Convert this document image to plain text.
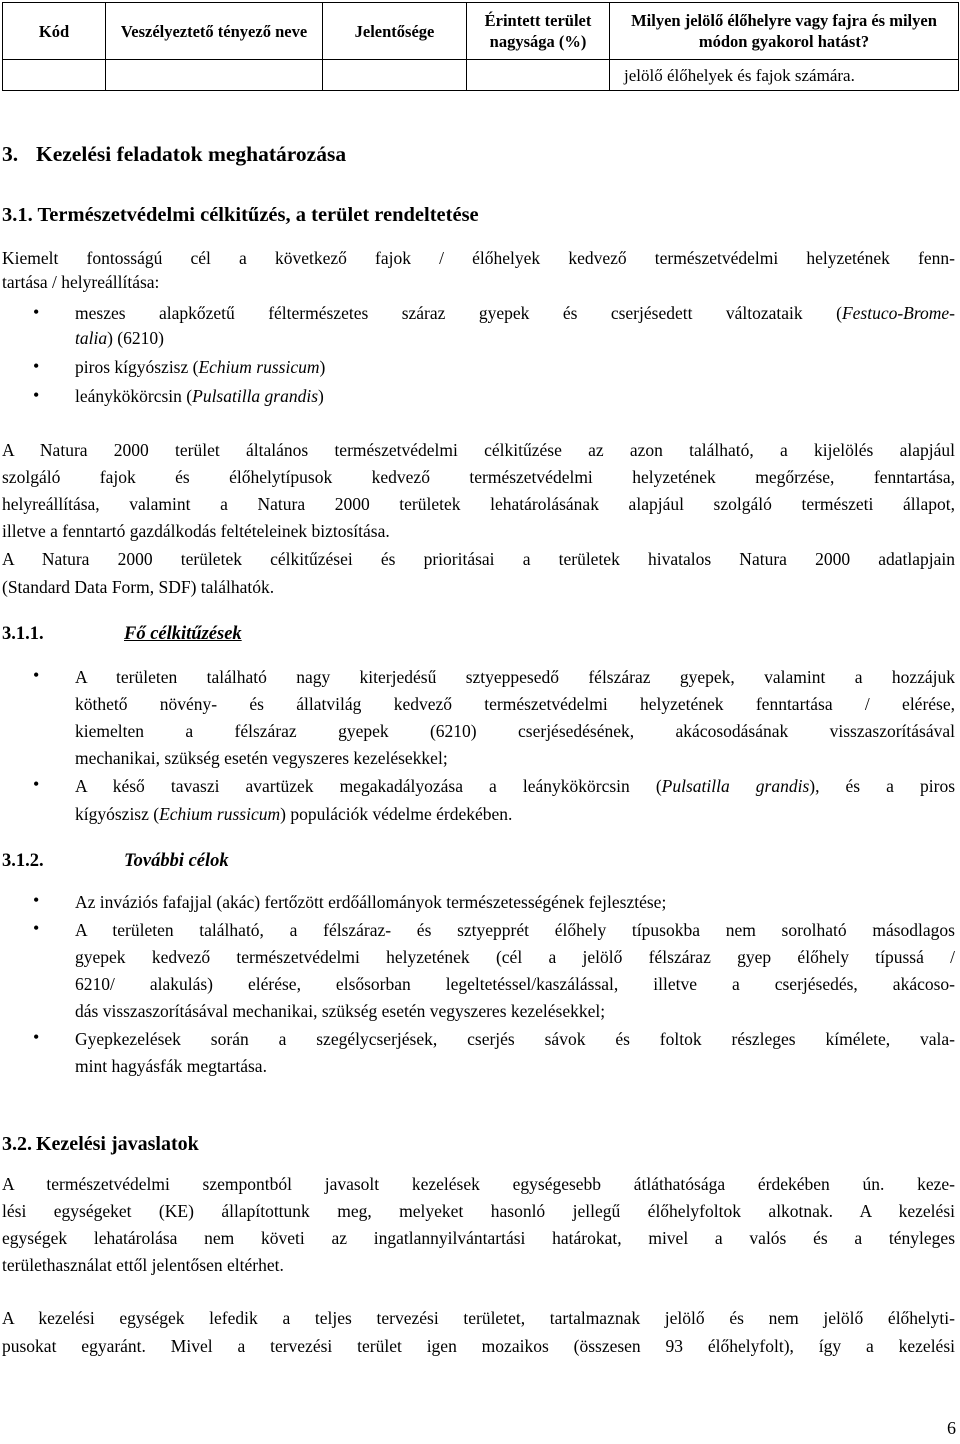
Kód	Veszélyeztető tényező neve	Jelentősége	Érintett terület nagysága (%)	Milyen jelölő élőhelyre vagy fajra és milyen módon gyakorol hatást?
				jelölő élőhelyek és fajok számára.
3. Kezelési feladatok meghatározása
3.1. Természetvédelmi célkitűzés, a terület rendeltetése
Kiemelt fontosságú cél a következő fajok / élőhelyek kedvező természetvédelmi helyzetének fenn-
tartása / helyreállítása:
• meszes alapkőzetű féltermészetes száraz gyepek és cserjésedett változataik (Festuco-Brome-
talia) (6210)
• piros kígyószisz (Echium russicum)
• leánykökörcsin (Pulsatilla grandis)
A Natura 2000 terület általános természetvédelmi célkitűzése az azon található, a kijelölés alapjául
szolgáló fajok és élőhelytípusok kedvező természetvédelmi helyzetének megőrzése, fenntartása,
helyreállítása, valamint a Natura 2000 területek lehatárolásának alapjául szolgáló természeti állapot,
illetve a fenntartó gazdálkodás feltételeinek biztosítása.
A Natura 2000 területek célkitűzései és prioritásai a területek hivatalos Natura 2000 adatlapjain
(Standard Data Form, SDF) találhatók.
3.1.1.	Fő célkitűzések
• A területen található nagy kiterjedésű sztyeppesedő félszáraz gyepek, valamint a hozzájuk
köthető növény- és állatvilág kedvező természetvédelmi helyzetének fenntartása / elérése,
kiemelten a félszáraz gyepek (6210) cserjésedésének, akácosodásának visszaszorításával
mechanikai, szükség esetén vegyszeres kezelésekkel;
• A késő tavaszi avartüzek megakadályozása a leánykökörcsin (Pulsatilla grandis), és a piros
kígyószisz (Echium russicum) populációk védelme érdekében.
3.1.2.	További célok
• Az inváziós fafajjal (akác) fertőzött erdőállományok természetességének fejlesztése;
• A területen található, a félszáraz- és sztyepprét élőhely típusokba nem sorolható másodlagos
gyepek kedvező természetvédelmi helyzetének (cél a jelölő félszáraz gyep élőhely típussá /
6210/ alakulás) elérése, elsősorban legeltetéssel/kaszálással, illetve a cserjésedés, akácoso-
dás visszaszorításával mechanikai, szükség esetén vegyszeres kezelésekkel;
• Gyepkezelések során a szegélycserjések, cserjés sávok és foltok részleges kímélete, vala-
mint hagyásfák megtartása.
3.2. Kezelési javaslatok
A természetvédelmi szempontból javasolt kezelések egységesebb átláthatósága érdekében ún. keze-
lési egységeket (KE) állapítottunk meg, melyeket hasonló jellegű élőhelyfoltok alkotnak. A kezelési
egységek lehatárolása nem követi az ingatlannyilvántartási határokat, mivel a valós és a tényleges
területhasználat ettől jelentősen eltérhet.
A kezelési egységek lefedik a teljes tervezési területet, tartalmaznak jelölő és nem jelölő élőhelyti-
pusokat egyaránt. Mivel a tervezési terület igen mozaikos (összesen 93 élőhelyfolt), így a kezelési
6
